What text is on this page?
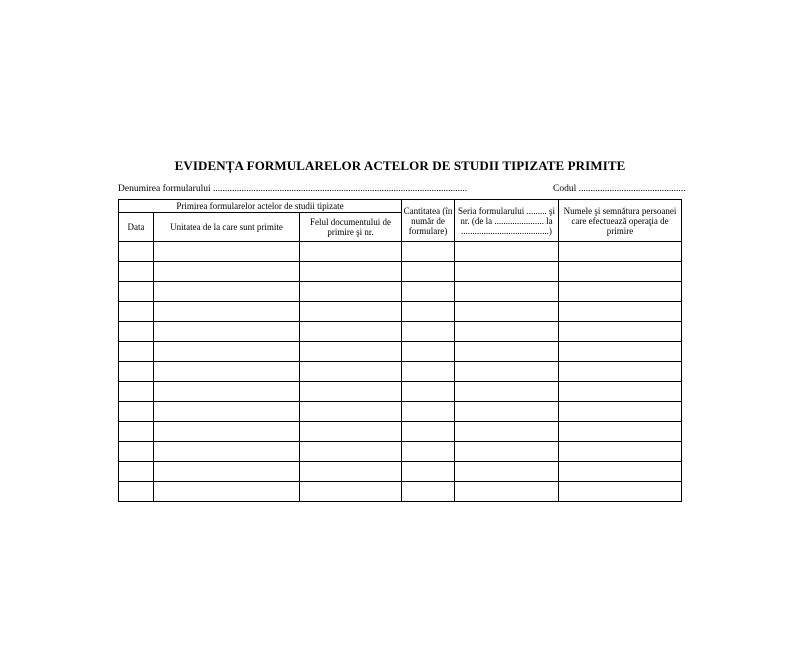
EVIDENȚA FORMULARELOR ACTELOR DE STUDII TIPIZATE PRIMITE
Denumirea formularului ...........................................................................................................	Codul .............................................
Primirea formularelor actelor de studii tipizate			Cantitatea (în număr de formulare)	Seria formularului ......... şi nr. (de la ...................... la .......................................)	Numele şi semnătura persoanei care efectuează operaţia de primire
Data	Unitatea de la care sunt primite	Felul documentului de primire şi nr.			
